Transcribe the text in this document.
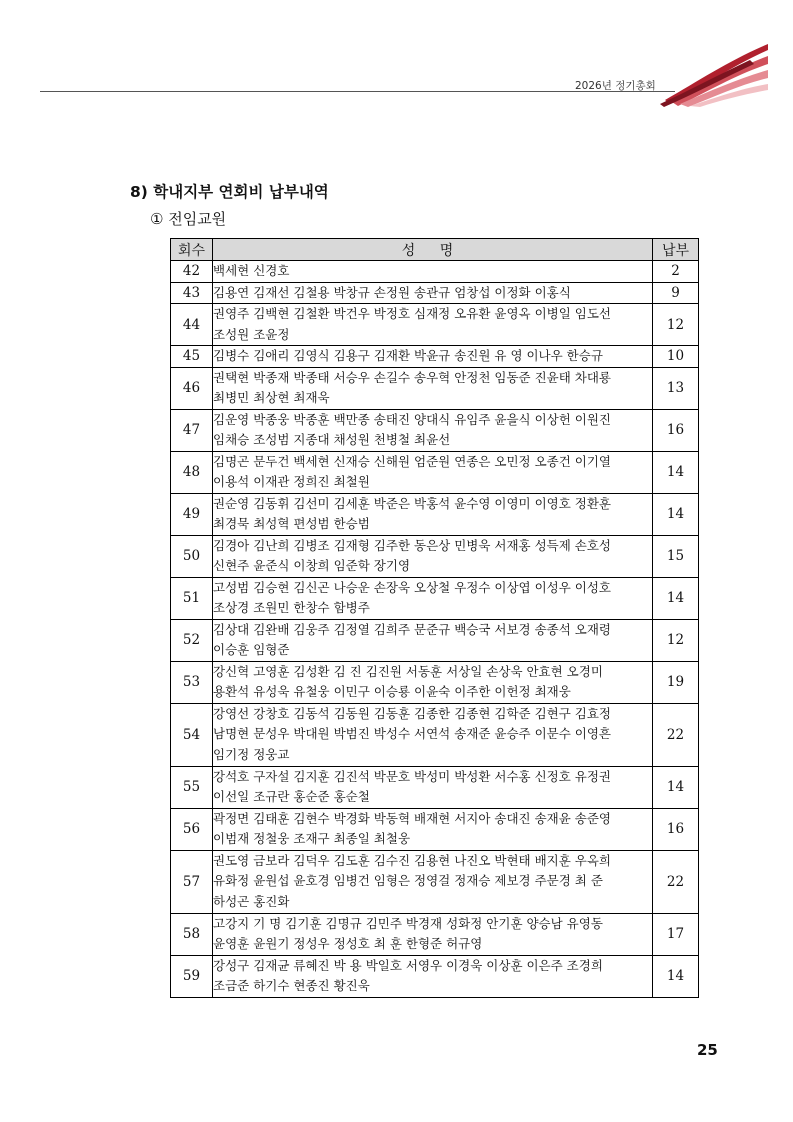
2026년 정기총회
8) 학내지부 연회비 납부내역
① 전임교원
회수	성 명	납부
42	백세현 신경호	2
43	김용연 김재선 김철용 박창규 손정원 송관규 엄창섭 이정화 이홍식	9
44	권영주 김백현 김철환 박건우 박정호 심재정 오유환 윤영옥 이병일 임도선
조성원 조윤정	12
45	김병수 김애리 김영식 김용구 김재환 박윤규 송진원 유 영 이나우 한승규	10
46	권택현 박종재 박종태 서승우 손길수 송우혁 안정천 임동준 진윤태 차대룡
최병민 최상현 최재욱	13
47	김운영 박종웅 박종훈 백만종 송태진 양대식 유임주 윤을식 이상헌 이원진
임채승 조성범 지종대 채성원 천병철 최윤선	16
48	김명곤 문두건 백세현 신재승 신해원 엄준원 연종은 오민정 오종건 이기열
이용석 이재관 정희진 최철원	14
49	권순영 김동휘 김선미 김세훈 박준은 박홍석 윤수영 이영미 이영호 정환훈
최경묵 최성혁 편성범 한승범	14
50	김경아 김난희 김병조 김재형 김주한 동은상 민병욱 서재홍 성득제 손호성
신현주 윤준식 이창희 임준학 장기영	15
51	고성범 김승현 김신곤 나승운 손장욱 오상철 우정수 이상엽 이성우 이성호
조상경 조원민 한창수 함병주	14
52	김상대 김완배 김웅주 김정열 김희주 문준규 백승국 서보경 송종석 오재령
이승훈 임형준	12
53	강신혁 고영훈 김성환 김 진 김진원 서동훈 서상일 손상욱 안효현 오경미
용환석 유성욱 유철웅 이민구 이승룡 이윤숙 이주한 이헌정 최재웅	19
54	강영선 강창호 김동석 김동원 김동훈 김종한 김종현 김학준 김현구 김효정
남명현 문성우 박대원 박범진 박성수 서연석 송재준 윤승주 이문수 이영흔
임기정 정웅교	22
55	강석호 구자설 김지훈 김진석 박문호 박성미 박성환 서수홍 신정호 유정권
이선일 조규란 홍순준 홍순철	14
56	곽정면 김태훈 김현수 박경화 박동혁 배재현 서지아 송대진 송재윤 송준영
이범재 정철웅 조재구 최종일 최철웅	16
57	권도영 금보라 김덕우 김도훈 김수진 김용현 나진오 박현태 배지훈 우옥희
유화정 윤원섭 윤호경 임병건 임형은 정영걸 정재승 제보경 주문경 최 준
하성곤 홍진화	22
58	고강지 기 명 김기훈 김명규 김민주 박경재 성화정 안기훈 양승남 유영동
윤영훈 윤원기 정성우 정성호 최 훈 한형준 허규영	17
59	강성구 김재균 류혜진 박 용 박일호 서영우 이경욱 이상훈 이은주 조경희
조금준 하기수 현종진 황진욱	14
25
